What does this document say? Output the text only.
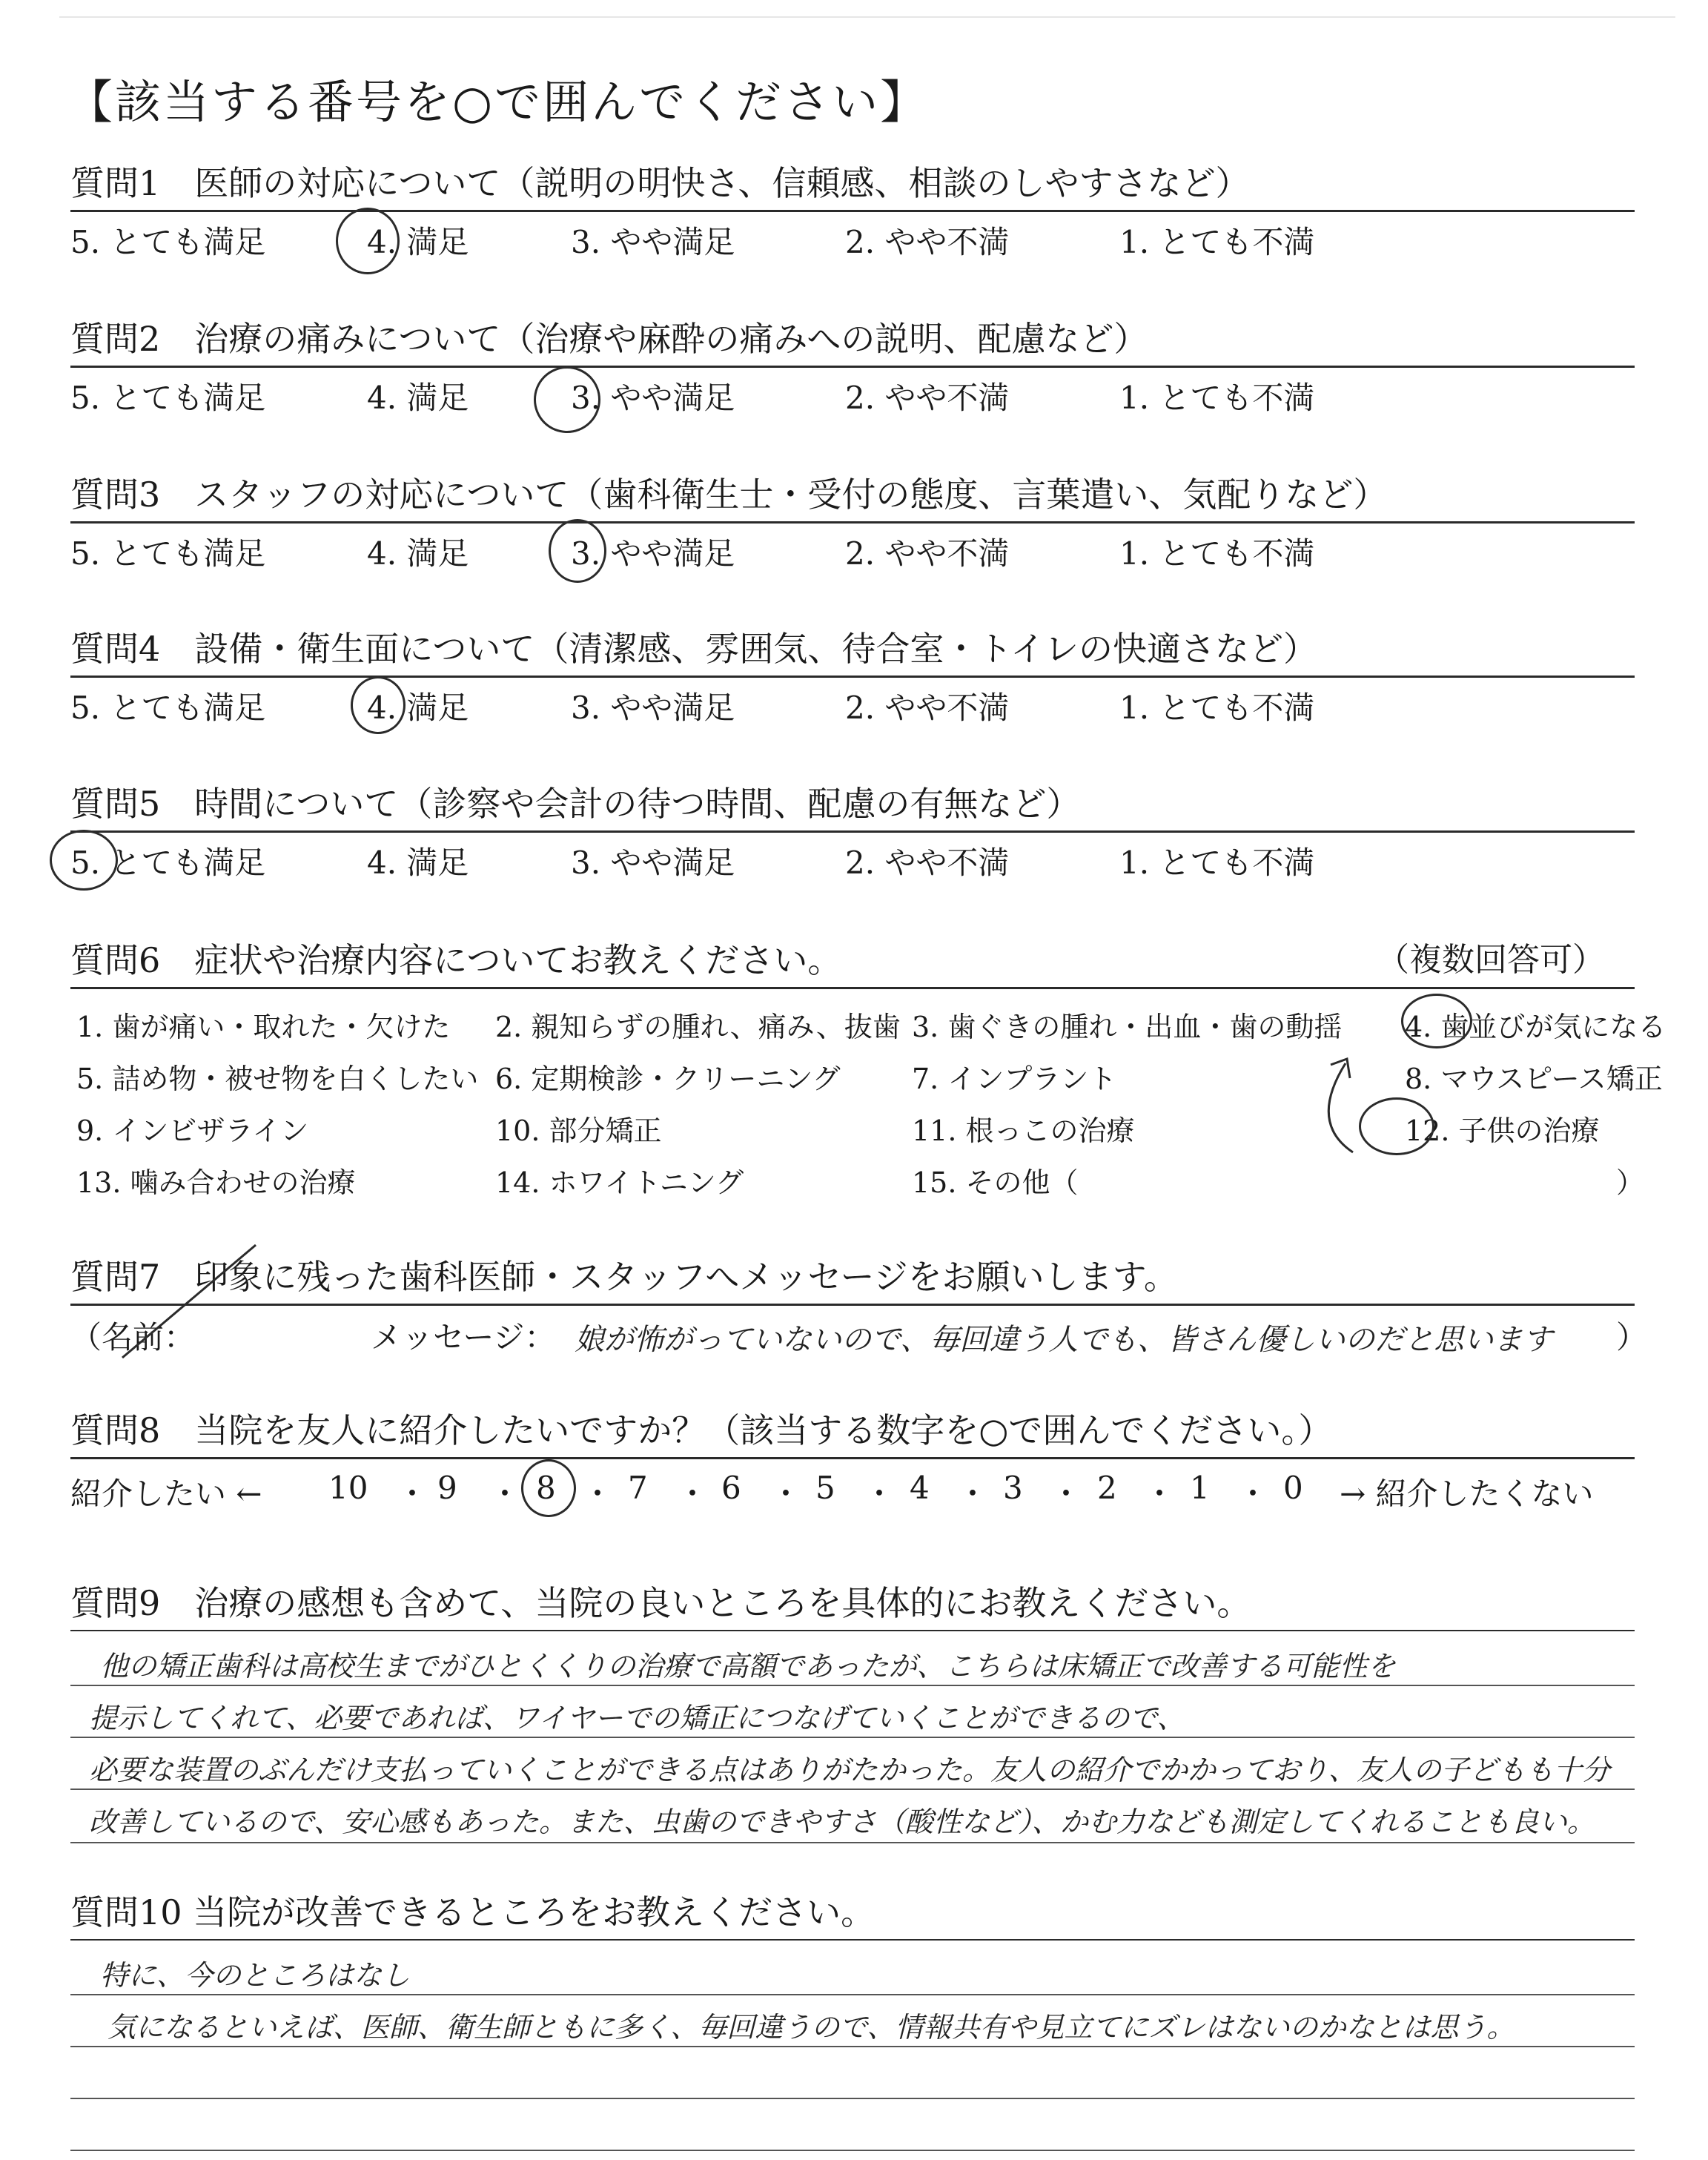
【該当する番号を○で囲んでください】
質問1　医師の対応について（説明の明快さ、信頼感、相談のしやすさなど）
5. とても満足	4. 満足	3. やや満足	2. やや不満	1. とても不満
質問2　治療の痛みについて（治療や麻酔の痛みへの説明、配慮など）
5. とても満足	4. 満足	3. やや満足	2. やや不満	1. とても不満
質問3　スタッフの対応について（歯科衛生士・受付の態度、言葉遣い、気配りなど）
5. とても満足	4. 満足	3. やや満足	2. やや不満	1. とても不満
質問4　設備・衛生面について（清潔感、雰囲気、待合室・トイレの快適さなど）
5. とても満足	4. 満足	3. やや満足	2. やや不満	1. とても不満
質問5　時間について（診察や会計の待つ時間、配慮の有無など）
5. とても満足	4. 満足	3. やや満足	2. やや不満	1. とても不満
質問6　症状や治療内容についてお教えください。	（複数回答可）
1. 歯が痛い・取れた・欠けた 2. 親知らずの腫れ、痛み、抜歯 3. 歯ぐきの腫れ・出血・歯の動揺 4. 歯並びが気になる
5. 詰め物・被せ物を白くしたい 6. 定期検診・クリーニング	7. インプラント	8. マウスピース矯正
9. インビザライン	10. 部分矯正	11. 根っこの治療	12. 子供の治療
13. 噛み合わせの治療	14. ホワイトニング	15. その他（	）
質問7　印象に残った歯科医師・スタッフへメッセージをお願いします。
（名前：	メッセージ： 娘が怖がっていないので、毎回違う人でも、皆さん優しいのだと思います ）
質問8　当院を友人に紹介したいですか？（該当する数字を○で囲んでください。）
紹介したい ← 10 ・ 9 ・ 8 ・ 7 ・ 6 ・ 5 ・ 4 ・ 3 ・ 2 ・ 1 ・ 0 → 紹介したくない
質問9　治療の感想も含めて、当院の良いところを具体的にお教えください。
他の矯正歯科は高校生までがひとくくりの治療で高額であったが、こちらは床矯正で改善する可能性を
提示してくれて、必要であれば、ワイヤーでの矯正につなげていくことができるので、
必要な装置のぶんだけ支払っていくことができる点はありがたかった。友人の紹介でかかっており、友人の子どもも十分
改善しているので、安心感もあった。また、虫歯のできやすさ（酸性など）、かむ力なども測定してくれることも良い。
質問10 当院が改善できるところをお教えください。
特に、今のところはなし
気になるといえば、医師、衛生師ともに多く、毎回違うので、情報共有や見立てにズレはないのかなとは思う。
